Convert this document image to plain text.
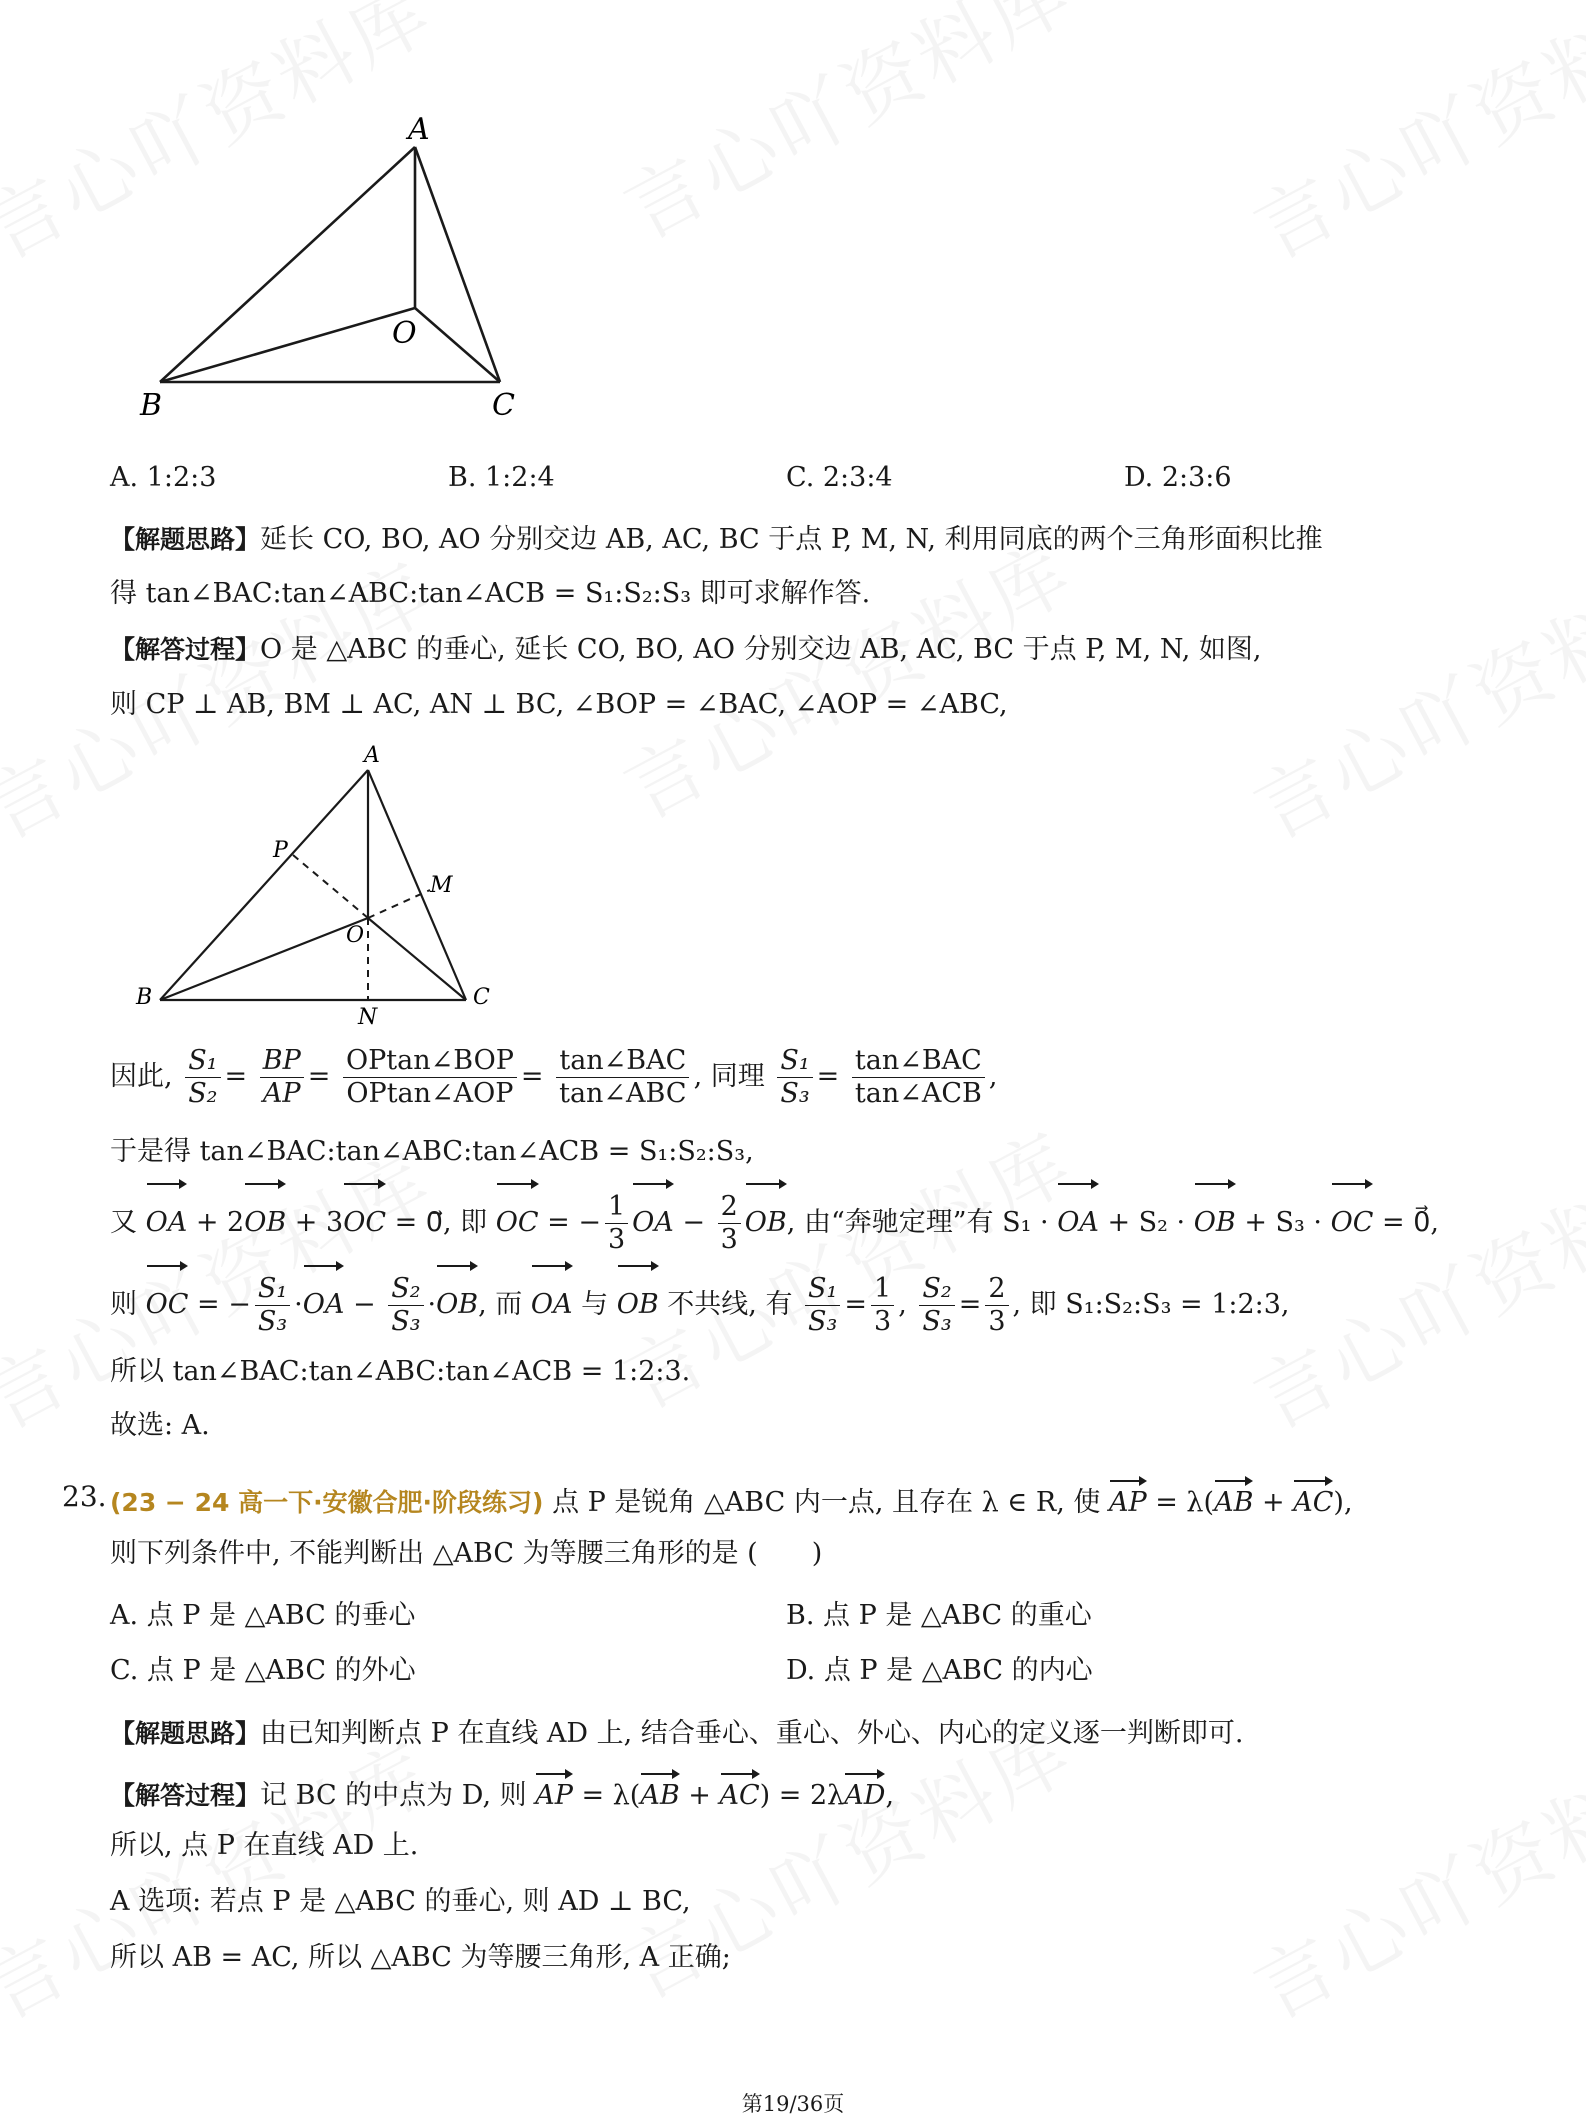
A
B	C
O
A. 1:2:3	B. 1:2:4	C. 2:3:4	D. 2:3:6
【解题思路】延长 CO, BO, AO 分别交边 AB, AC, BC 于点 P, M, N, 利用同底的两个三角形面积比推
得 tan∠BAC:tan∠ABC:tan∠ACB = S₁:S₂:S₃ 即可求解作答.
【解答过程】O 是 △ABC 的垂心, 延长 CO, BO, AO 分别交边 AB, AC, BC 于点 P, M, N, 如图,
则 CP ⊥ AB, BM ⊥ AC, AN ⊥ BC, ∠BOP = ∠BAC, ∠AOP = ∠ABC,
A
B	C
O
P
M
N
因此, $\frac{\text{S₁}}{\text{S₂}} = \frac{BP}{AP} = \frac{\text{OPtan∠BOP}}{\text{OPtan∠AOP}} = \frac{\text{tan∠BAC}}{\text{tan∠ABC}}$ , 同理 $\frac{\text{S₁}}{\text{S₃}} = \frac{\text{tan∠BAC}}{\text{tan∠ACB}}$ ,
于是得 tan∠BAC:tan∠ABC:tan∠ACB = S₁:S₂:S₃,
又 OA + 2OB + 3OC = 0⃗, 即 OC = − $\frac{1}{3}$ OA − $\frac{2}{3}$ OB, 由“奔驰定理”有 S₁ · OA + S₂ · OB + S₃ · OC = 0⃗,
则 OC = − $\frac{\text{S₁}}{\text{S₃}} \cdot OA - \frac{\text{S₂}}{\text{S₃}} \cdot OB$, 而 OA 与 OB 不共线, 有 $\frac{\text{S₁}}{\text{S₃}} = \frac{1}{3}$ , $\frac{\text{S₂}}{\text{S₃}} = \frac{2}{3}$ , 即 S₁:S₂:S₃ = 1:2:3,
所以 tan∠BAC:tan∠ABC:tan∠ACB = 1:2:3.
故选: A.
23. (23 − 24 高一下·安徽合肥·阶段练习) 点 P 是锐角 △ABC 内一点, 且存在 λ ∈ R, 使 AP = λ(AB + AC),
则下列条件中, 不能判断出 △ABC 为等腰三角形的是 (　　)
A. 点 P 是 △ABC 的垂心	B. 点 P 是 △ABC 的重心
C. 点 P 是 △ABC 的外心	D. 点 P 是 △ABC 的内心
【解题思路】由已知判断点 P 在直线 AD 上, 结合垂心、重心、外心、内心的定义逐一判断即可.
【解答过程】记 BC 的中点为 D, 则 AP = λ(AB + AC) = 2λAD,
所以, 点 P 在直线 AD 上.
A 选项: 若点 P 是 △ABC 的垂心, 则 AD ⊥ BC,
所以 AB = AC, 所以 △ABC 为等腰三角形, A 正确;
第19/36页
